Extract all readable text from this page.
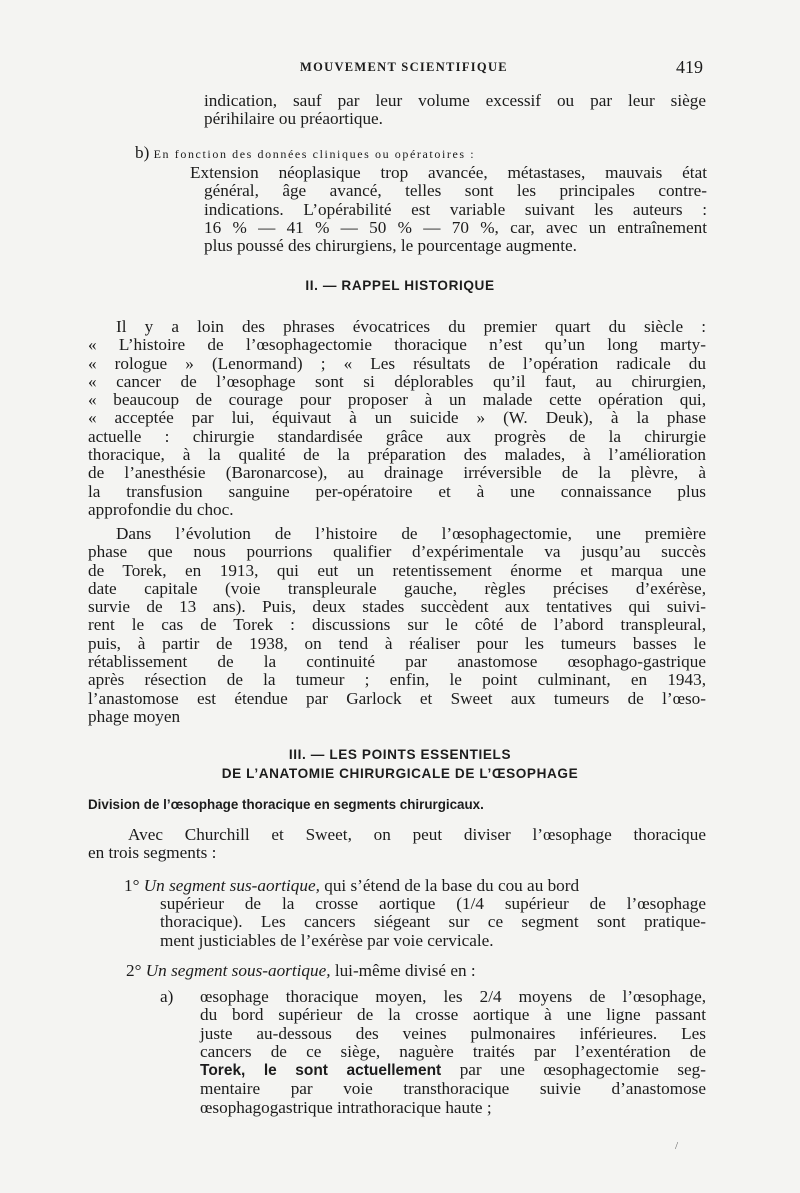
MOUVEMENT SCIENTIFIQUE	419
indication, sauf par leur volume excessif ou par leur siège
périhilaire ou préaortique.
b) En fonction des données cliniques ou opératoires :
Extension néoplasique trop avancée, métastases, mauvais état
général, âge avancé, telles sont les principales contre-
indications. L’opérabilité est variable suivant les auteurs :
16 % — 41 % — 50 % — 70 %, car, avec un entraînement
plus poussé des chirurgiens, le pourcentage augmente.
II. — RAPPEL HISTORIQUE
Il y a loin des phrases évocatrices du premier quart du siècle :
« L’histoire de l’œsophagectomie thoracique n’est qu’un long marty-
« rologue » (Lenormand) ; « Les résultats de l’opération radicale du
« cancer de l’œsophage sont si déplorables qu’il faut, au chirurgien,
« beaucoup de courage pour proposer à un malade cette opération qui,
« acceptée par lui, équivaut à un suicide » (W. Deuk), à la phase
actuelle : chirurgie standardisée grâce aux progrès de la chirurgie
thoracique, à la qualité de la préparation des malades, à l’amélioration
de l’anesthésie (Baronarcose), au drainage irréversible de la plèvre, à
la transfusion sanguine per-opératoire et à une connaissance plus
approfondie du choc.
Dans l’évolution de l’histoire de l’œsophagectomie, une première
phase que nous pourrions qualifier d’expérimentale va jusqu’au succès
de Torek, en 1913, qui eut un retentissement énorme et marqua une
date capitale (voie transpleurale gauche, règles précises d’exérèse,
survie de 13 ans). Puis, deux stades succèdent aux tentatives qui suivi-
rent le cas de Torek : discussions sur le côté de l’abord transpleural,
puis, à partir de 1938, on tend à réaliser pour les tumeurs basses le
rétablissement de la continuité par anastomose œsophago-gastrique
après résection de la tumeur ; enfin, le point culminant, en 1943,
l’anastomose est étendue par Garlock et Sweet aux tumeurs de l’œso-
phage moyen
III. — LES POINTS ESSENTIELS
DE L’ANATOMIE CHIRURGICALE DE L’ŒSOPHAGE
Division de l’œsophage thoracique en segments chirurgicaux.
Avec Churchill et Sweet, on peut diviser l’œsophage thoracique
en trois segments :
1° Un segment sus-aortique, qui s’étend de la base du cou au bord
supérieur de la crosse aortique (1/4 supérieur de l’œsophage
thoracique). Les cancers siégeant sur ce segment sont pratique-
ment justiciables de l’exérèse par voie cervicale.
2° Un segment sous-aortique, lui-même divisé en :
a) œsophage thoracique moyen, les 2/4 moyens de l’œsophage,
du bord supérieur de la crosse aortique à une ligne passant
juste au-dessous des veines pulmonaires inférieures. Les
cancers de ce siège, naguère traités par l’exentération de
Torek, le sont actuellement par une œsophagectomie seg-
mentaire par voie transthoracique suivie d’anastomose
œsophagogastrique intrathoracique haute ;
/
